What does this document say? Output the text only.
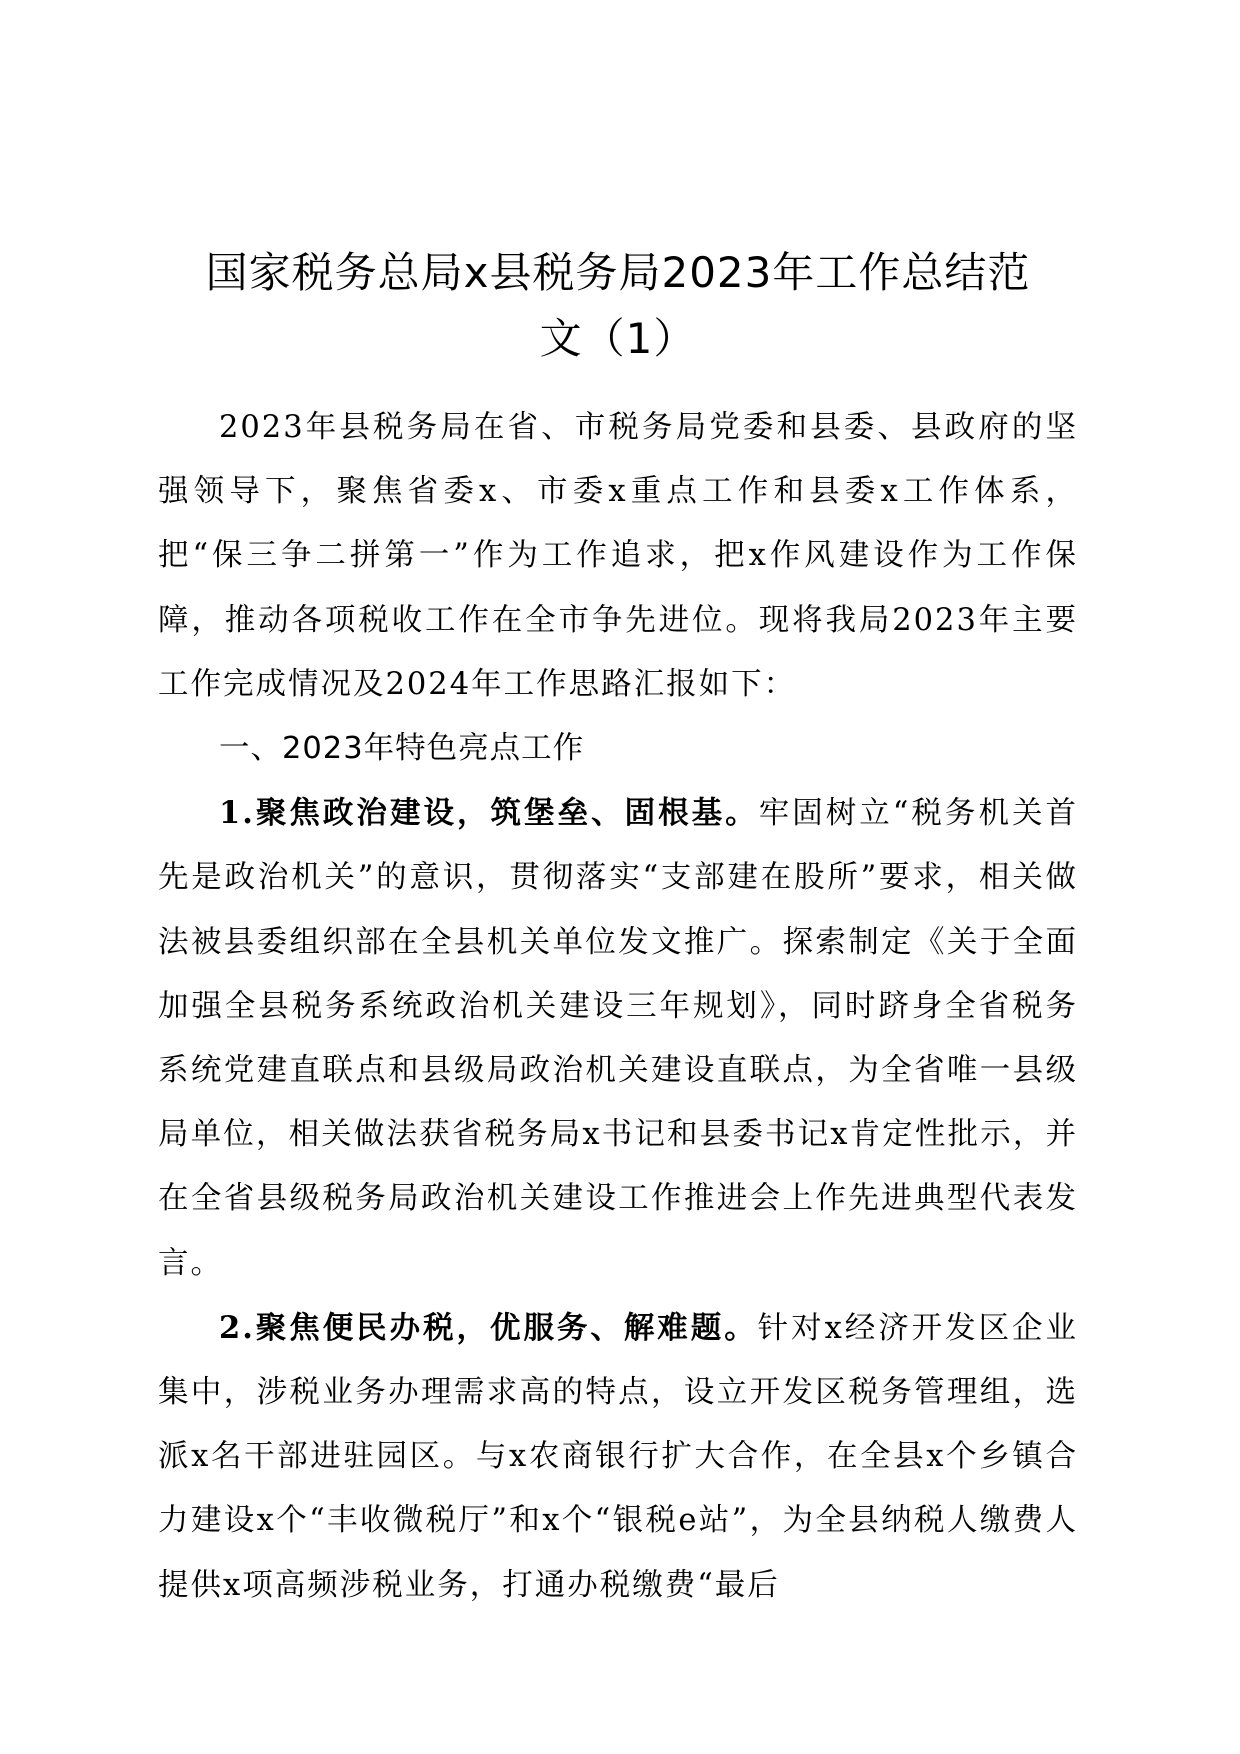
国家税务总局x县税务局2023年工作总结范
文（1）

2023年县税务局在省、市税务局党委和县委、县政府的坚强领导下，聚焦省委x、市委x重点工作和县委x工作体系，把“保三争二拼第一”作为工作追求，把x作风建设作为工作保障，推动各项税收工作在全市争先进位。现将我局2023年主要工作完成情况及2024年工作思路汇报如下：

一、2023年特色亮点工作

1.聚焦政治建设，筑堡垒、固根基。牢固树立“税务机关首先是政治机关”的意识，贯彻落实“支部建在股所”要求，相关做法被县委组织部在全县机关单位发文推广。探索制定《关于全面加强全县税务系统政治机关建设三年规划》，同时跻身全省税务系统党建直联点和县级局政治机关建设直联点，为全省唯一县级局单位，相关做法获省税务局x书记和县委书记x肯定性批示，并在全省县级税务局政治机关建设工作推进会上作先进典型代表发言。

2.聚焦便民办税，优服务、解难题。针对x经济开发区企业集中，涉税业务办理需求高的特点，设立开发区税务管理组，选派x名干部进驻园区。与x农商银行扩大合作，在全县x个乡镇合力建设x个“丰收微税厅”和x个“银税e站”，为全县纳税人缴费人提供x项高频涉税业务，打通办税缴费“最后
